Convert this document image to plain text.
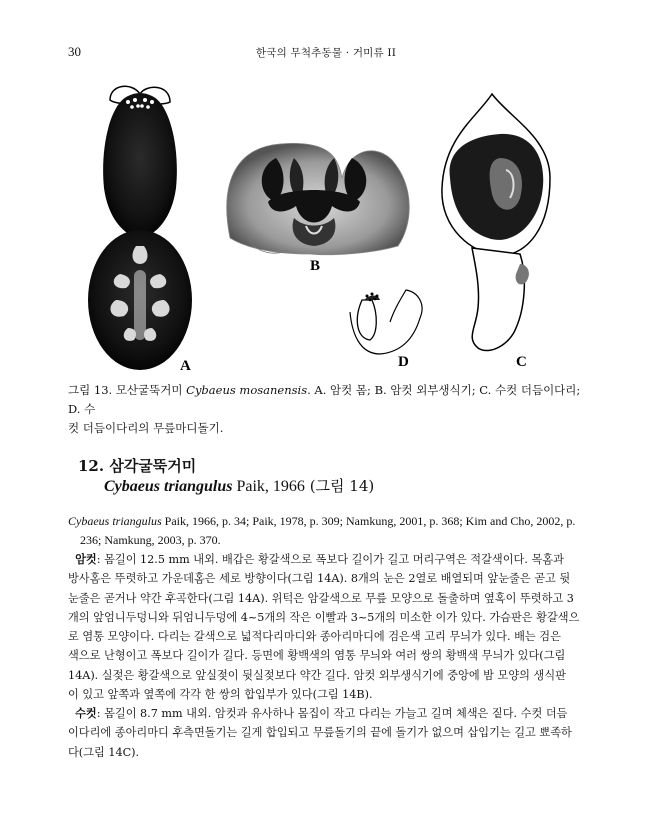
30	한국의 무척추동물 · 거미류 II
A
B
C
D
그림 13. 모산굴뚝거미 Cybaeus mosanensis. A. 암컷 몸; B. 암컷 외부생식기; C. 수컷 더듬이다리; D. 수
컷 더듬이다리의 무릎마디돌기.
12. 삼각굴뚝거미
Cybaeus triangulus Paik, 1966 (그림 14)
Cybaeus triangulus Paik, 1966, p. 34; Paik, 1978, p. 309; Namkung, 2001, p. 368; Kim and Cho, 2002, p.
236; Namkung, 2003, p. 370.
암컷: 몸길이 12.5 mm 내외. 배갑은 황갈색으로 폭보다 길이가 길고 머리구역은 적갈색이다. 목홈과
방사홈은 뚜렷하고 가운데홈은 세로 방향이다(그림 14A). 8개의 눈은 2열로 배열되며 앞눈줄은 곧고 뒷
눈줄은 곧거나 약간 후곡한다(그림 14A). 위턱은 암갈색으로 무릎 모양으로 돌출하며 옆혹이 뚜렷하고 3
개의 앞엄니두덩니와 뒤엄니두덩에 4~5개의 작은 이빨과 3~5개의 미소한 이가 있다. 가슴판은 황갈색으
로 염통 모양이다. 다리는 갈색으로 넓적다리마디와 종아리마디에 검은색 고리 무늬가 있다. 배는 검은
색으로 난형이고 폭보다 길이가 길다. 등면에 황백색의 염통 무늬와 여러 쌍의 황백색 무늬가 있다(그림
14A). 실젖은 황갈색으로 앞실젖이 뒷실젖보다 약간 길다. 암컷 외부생식기에 중앙에 밤 모양의 생식판
이 있고 앞쪽과 옆쪽에 각각 한 쌍의 합입부가 있다(그림 14B).
수컷: 몸길이 8.7 mm 내외. 암컷과 유사하나 몸집이 작고 다리는 가늘고 길며 체색은 짙다. 수컷 더듬
이다리에 종아리마디 후측면돌기는 길게 합입되고 무릎돌기의 끝에 돌기가 없으며 삽입기는 길고 뾰족하
다(그림 14C).
